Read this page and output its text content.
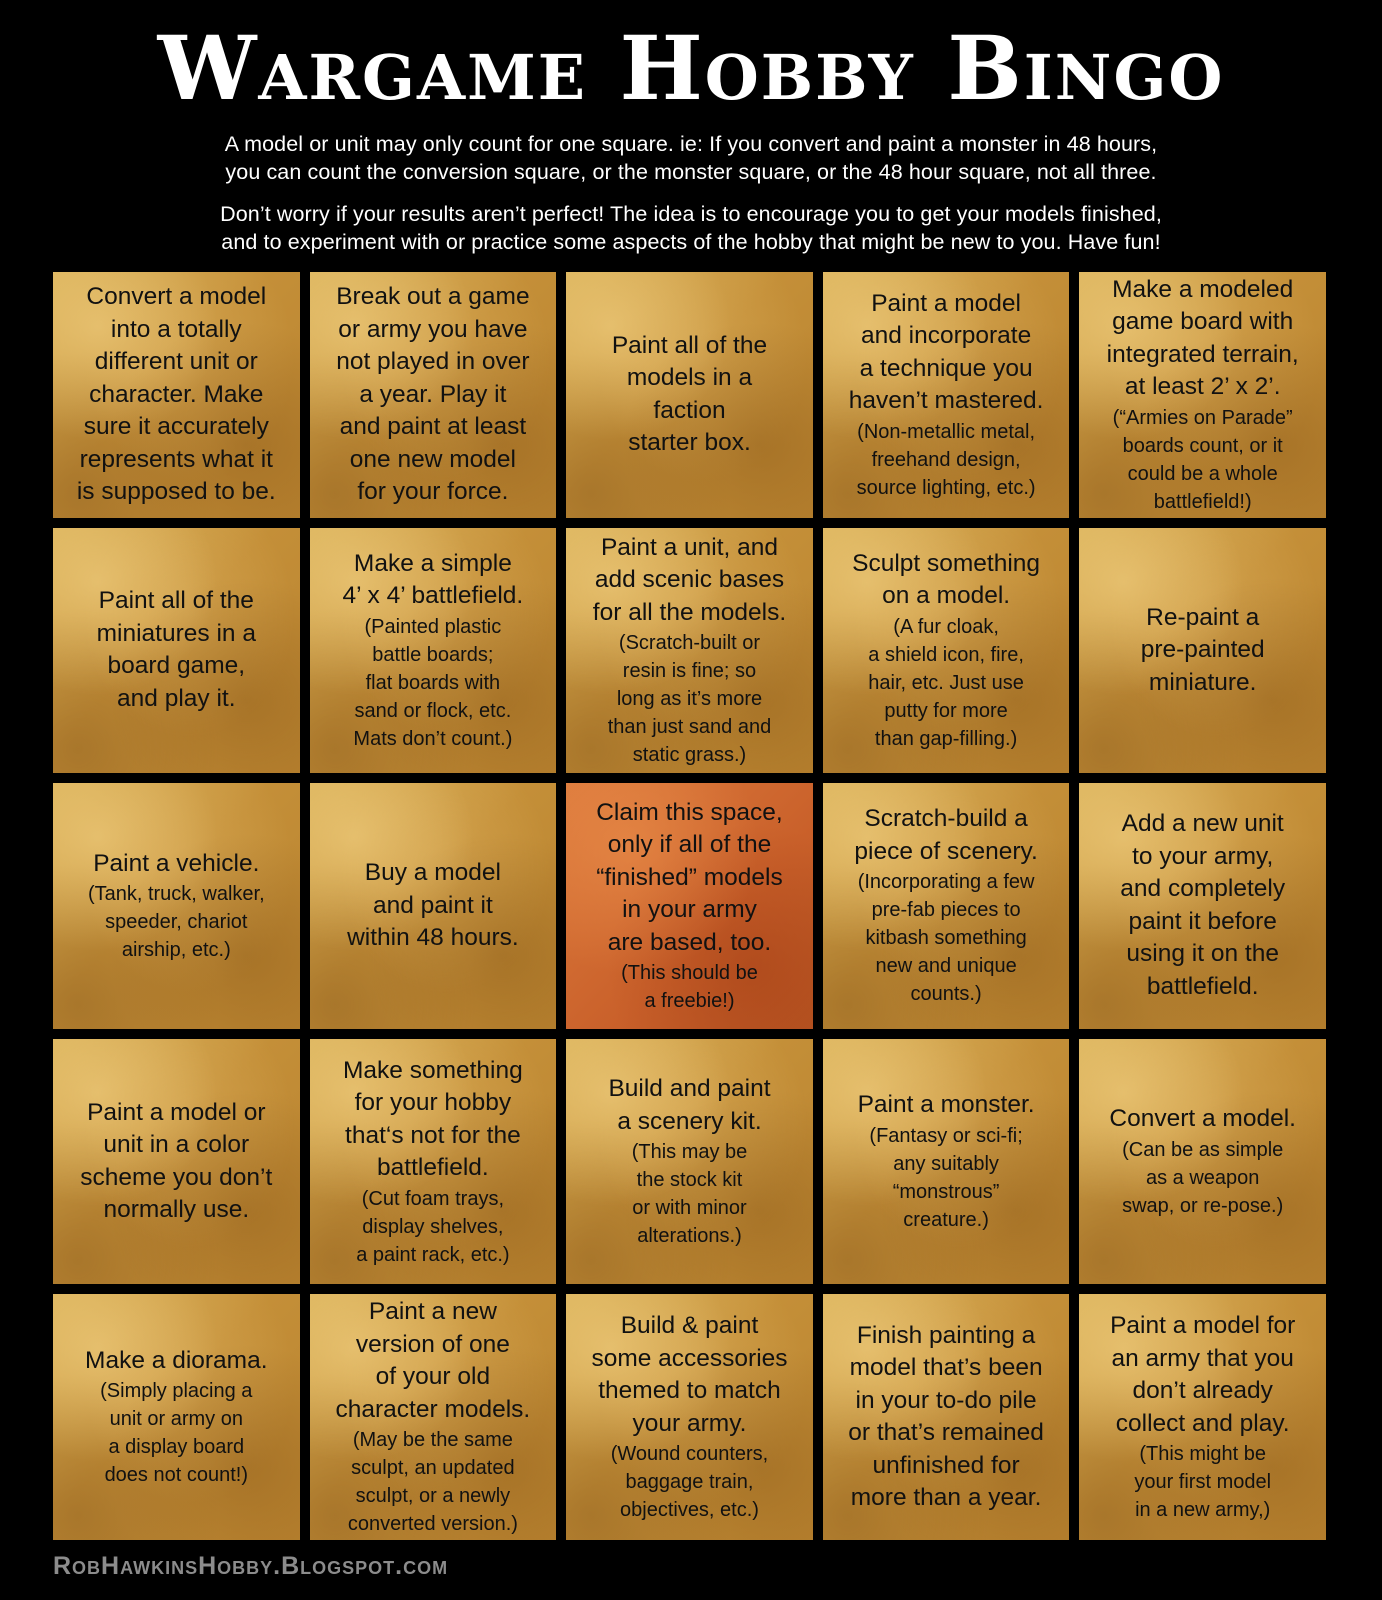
Wargame Hobby Bingo
A model or unit may only count for one square. ie: If you convert and paint a monster in 48 hours,
you can count the conversion square, or the monster square, or the 48 hour square, not all three.
Don’t worry if your results aren’t perfect! The idea is to encourage you to get your models finished,
and to experiment with or practice some aspects of the hobby that might be new to you. Have fun!
Convert a model
into a totally
different unit or
character. Make
sure it accurately
represents what it
is supposed to be.
Break out a game
or army you have
not played in over
a year. Play it
and paint at least
one new model
for your force.
Paint all of the
models in a
faction
starter box.
Paint a model
and incorporate
a technique you
haven’t mastered.
(Non-metallic metal,
freehand design,
source lighting, etc.)
Make a modeled
game board with
integrated terrain,
at least 2’ x 2’.
(“Armies on Parade”
boards count, or it
could be a whole
battlefield!)
Paint all of the
miniatures in a
board game,
and play it.
Make a simple
4’ x 4’ battlefield.
(Painted plastic
battle boards;
flat boards with
sand or flock, etc.
Mats don’t count.)
Paint a unit, and
add scenic bases
for all the models.
(Scratch-built or
resin is fine; so
long as it’s more
than just sand and
static grass.)
Sculpt something
on a model.
(A fur cloak,
a shield icon, fire,
hair, etc. Just use
putty for more
than gap-filling.)
Re-paint a
pre-painted
miniature.
Paint a vehicle.
(Tank, truck, walker,
speeder, chariot
airship, etc.)
Buy a model
and paint it
within 48 hours.
Claim this space,
only if all of the
“finished” models
in your army
are based, too.
(This should be
a freebie!)
Scratch-build a
piece of scenery.
(Incorporating a few
pre-fab pieces to
kitbash something
new and unique
counts.)
Add a new unit
to your army,
and completely
paint it before
using it on the
battlefield.
Paint a model or
unit in a color
scheme you don’t
normally use.
Make something
for your hobby
that‘s not for the
battlefield.
(Cut foam trays,
display shelves,
a paint rack, etc.)
Build and paint
a scenery kit.
(This may be
the stock kit
or with minor
alterations.)
Paint a monster.
(Fantasy or sci-fi;
any suitably
“monstrous”
creature.)
Convert a model.
(Can be as simple
as a weapon
swap, or re-pose.)
Make a diorama.
(Simply placing a
unit or army on
a display board
does not count!)
Paint a new
version of one
of your old
character models.
(May be the same
sculpt, an updated
sculpt, or a newly
converted version.)
Build & paint
some accessories
themed to match
your army.
(Wound counters,
baggage train,
objectives, etc.)
Finish painting a
model that’s been
in your to-do pile
or that’s remained
unfinished for
more than a year.
Paint a model for
an army that you
don’t already
collect and play.
(This might be
your first model
in a new army,)
RobHawkinsHobby.Blogspot.com
